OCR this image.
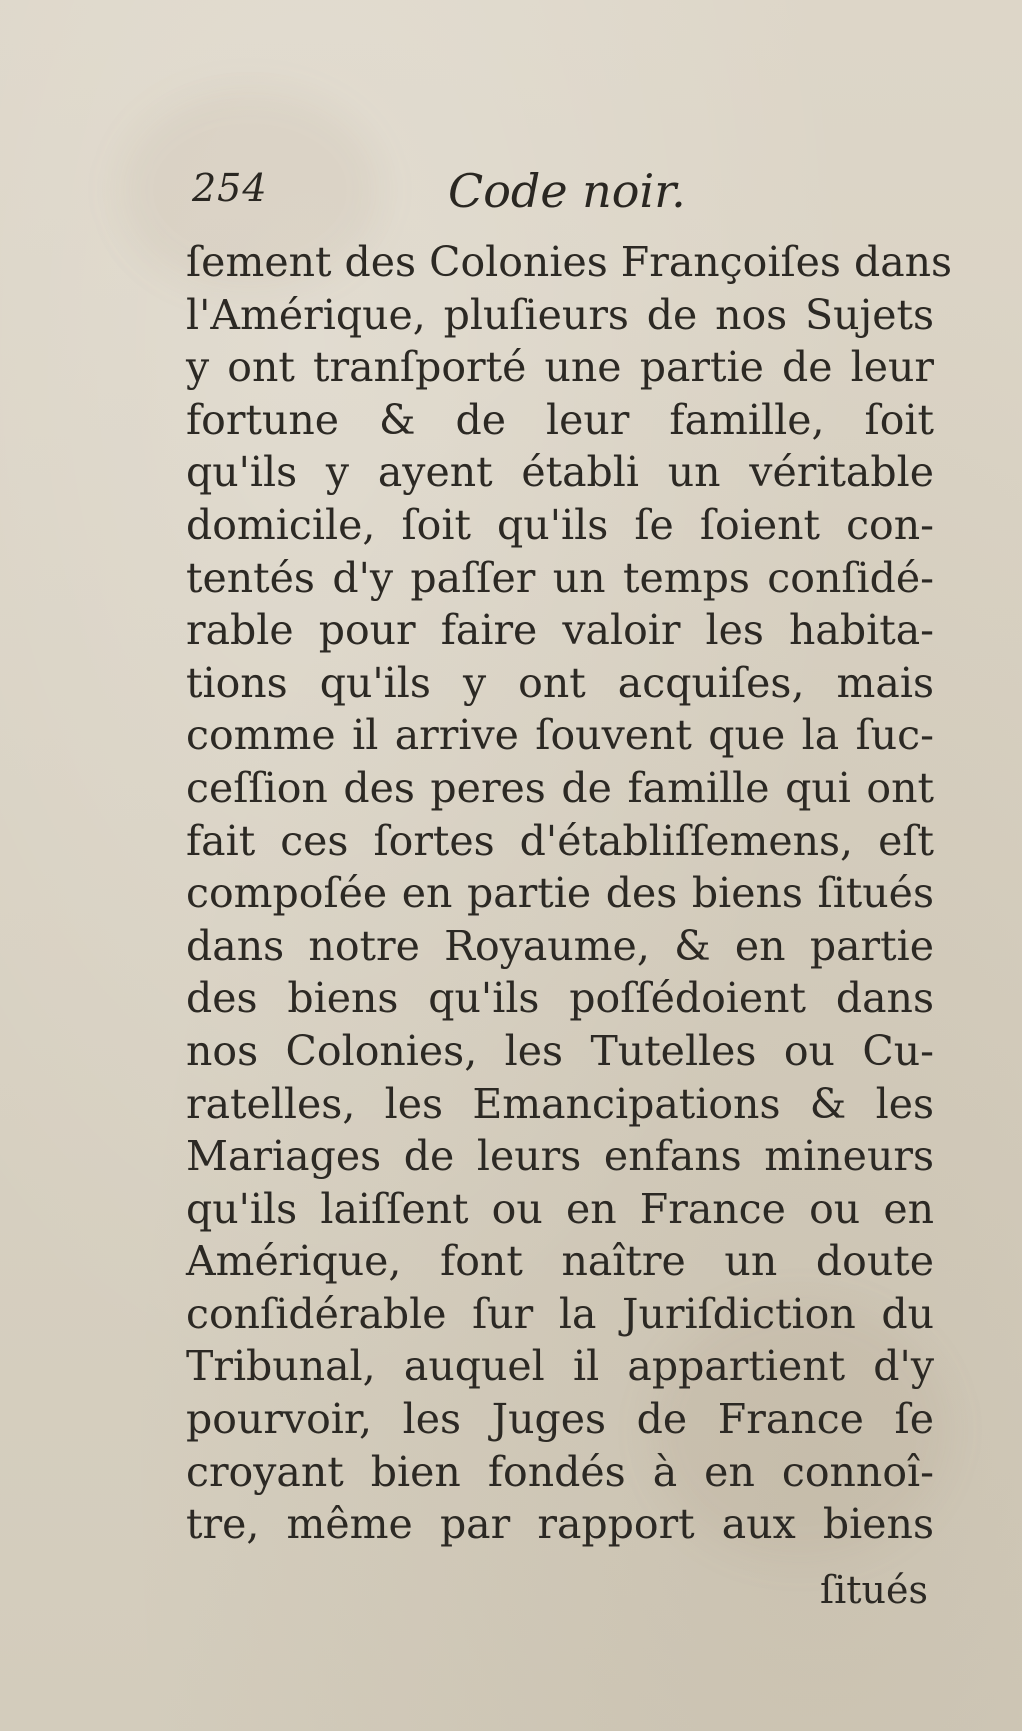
254	Code noir.
ſement des Colonies Françoiſes dans
l'Amérique, pluſieurs de nos Sujets
y ont tranſporté une partie de leur
fortune & de leur famille, ſoit
qu'ils y ayent établi un véritable
domicile, ſoit qu'ils ſe ſoient con-
tentés d'y paſſer un temps conſidé-
rable pour faire valoir les habita-
tions qu'ils y ont acquiſes, mais
comme il arrive ſouvent que la ſuc-
ceſſion des peres de famille qui ont
fait ces ſortes d'établiſſemens, eſt
compoſée en partie des biens ſitués
dans notre Royaume, & en partie
des biens qu'ils poſſédoient dans
nos Colonies, les Tutelles ou Cu-
ratelles, les Emancipations & les
Mariages de leurs enfans mineurs
qu'ils laiſſent ou en France ou en
Amérique, font naître un doute
conſidérable ſur la Juriſdiction du
Tribunal, auquel il appartient d'y
pourvoir, les Juges de France ſe
croyant bien fondés à en connoî-
tre, même par rapport aux biens
ſitués
